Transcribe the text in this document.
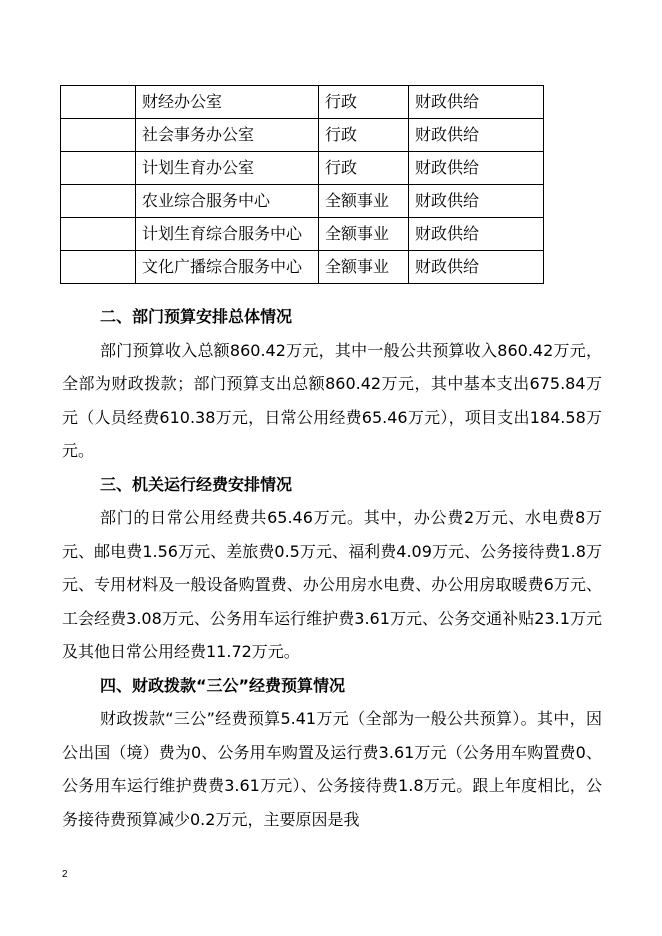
	财经办公室	行政	财政供给
	社会事务办公室	行政	财政供给
	计划生育办公室	行政	财政供给
	农业综合服务中心	全额事业	财政供给
	计划生育综合服务中心	全额事业	财政供给
	文化广播综合服务中心	全额事业	财政供给
二、部门预算安排总体情况

部门预算收入总额860.42万元，其中一般公共预算收入860.42万元，全部为财政拨款；部门预算支出总额860.42万元，其中基本支出675.84万元（人员经费610.38万元，日常公用经费65.46万元），项目支出184.58万元。

三、机关运行经费安排情况

部门的日常公用经费共65.46万元。其中，办公费2万元、水电费8万元、邮电费1.56万元、差旅费0.5万元、福利费4.09万元、公务接待费1.8万元、专用材料及一般设备购置费、办公用房水电费、办公用房取暖费6万元、工会经费3.08万元、公务用车运行维护费3.61万元、公务交通补贴23.1万元及其他日常公用经费11.72万元。

四、财政拨款“三公”经费预算情况

财政拨款“三公”经费预算5.41万元（全部为一般公共预算）。其中，因公出国（境）费为0、公务用车购置及运行费3.61万元（公务用车购置费0、公务用车运行维护费费3.61万元）、公务接待费1.8万元。跟上年度相比，公务接待费预算减少0.2万元，主要原因是我

2
